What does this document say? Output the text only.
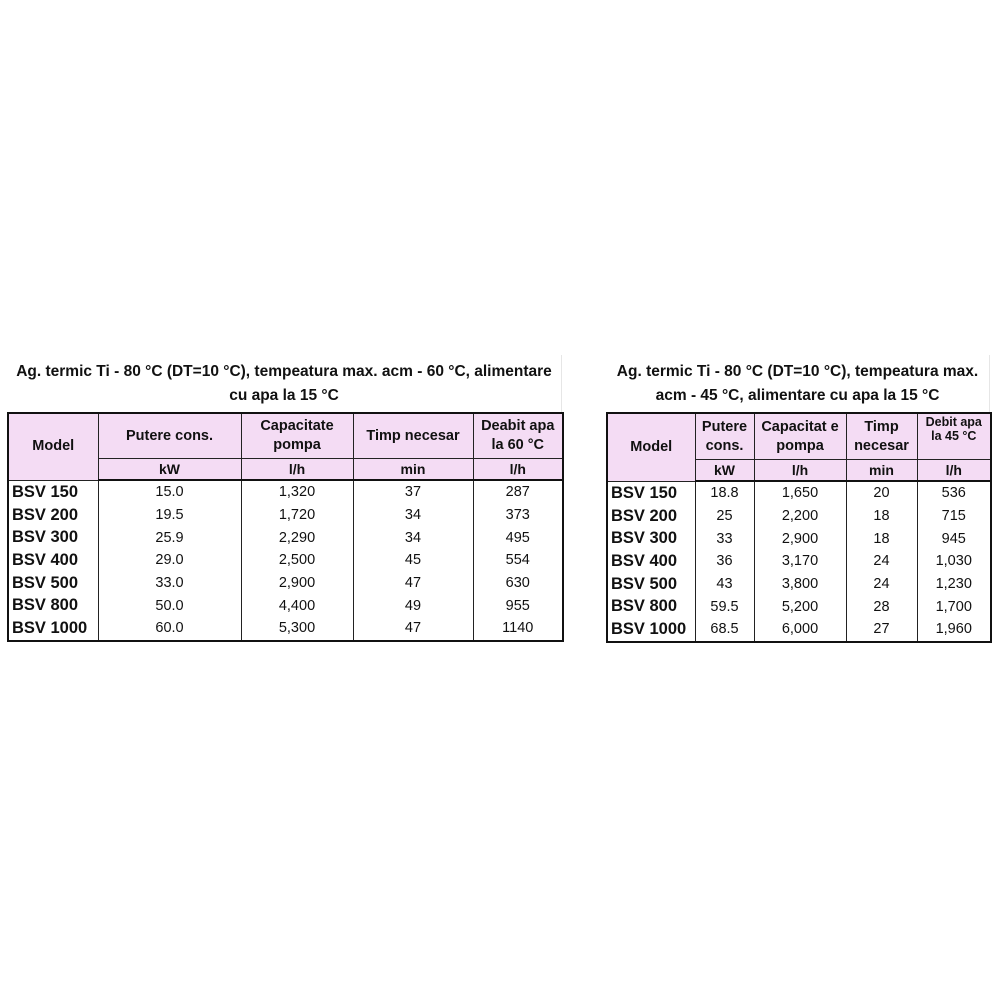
Ag. termic Ti - 80 °C (DT=10 °C), tempeatura max. acm - 60 °C, alimentare
cu apa la 15 °C
Model	Putere cons.	Capacitate pompa	Timp necesar	Deabit apa la 60 °C
	kW	l/h	min	l/h
BSV 150	15.0	1,320	37	287
BSV 200	19.5	1,720	34	373
BSV 300	25.9	2,290	34	495
BSV 400	29.0	2,500	45	554
BSV 500	33.0	2,900	47	630
BSV 800	50.0	4,400	49	955
BSV 1000	60.0	5,300	47	1140
Ag. termic Ti - 80 °C (DT=10 °C), tempeatura max.
acm - 45 °C, alimentare cu apa la 15 °C
Model	Putere cons.	Capacitat e pompa	Timp necesar	Debit apa la 45 °C
	kW	l/h	min	l/h
BSV 150	18.8	1,650	20	536
BSV 200	25	2,200	18	715
BSV 300	33	2,900	18	945
BSV 400	36	3,170	24	1,030
BSV 500	43	3,800	24	1,230
BSV 800	59.5	5,200	28	1,700
BSV 1000	68.5	6,000	27	1,960
